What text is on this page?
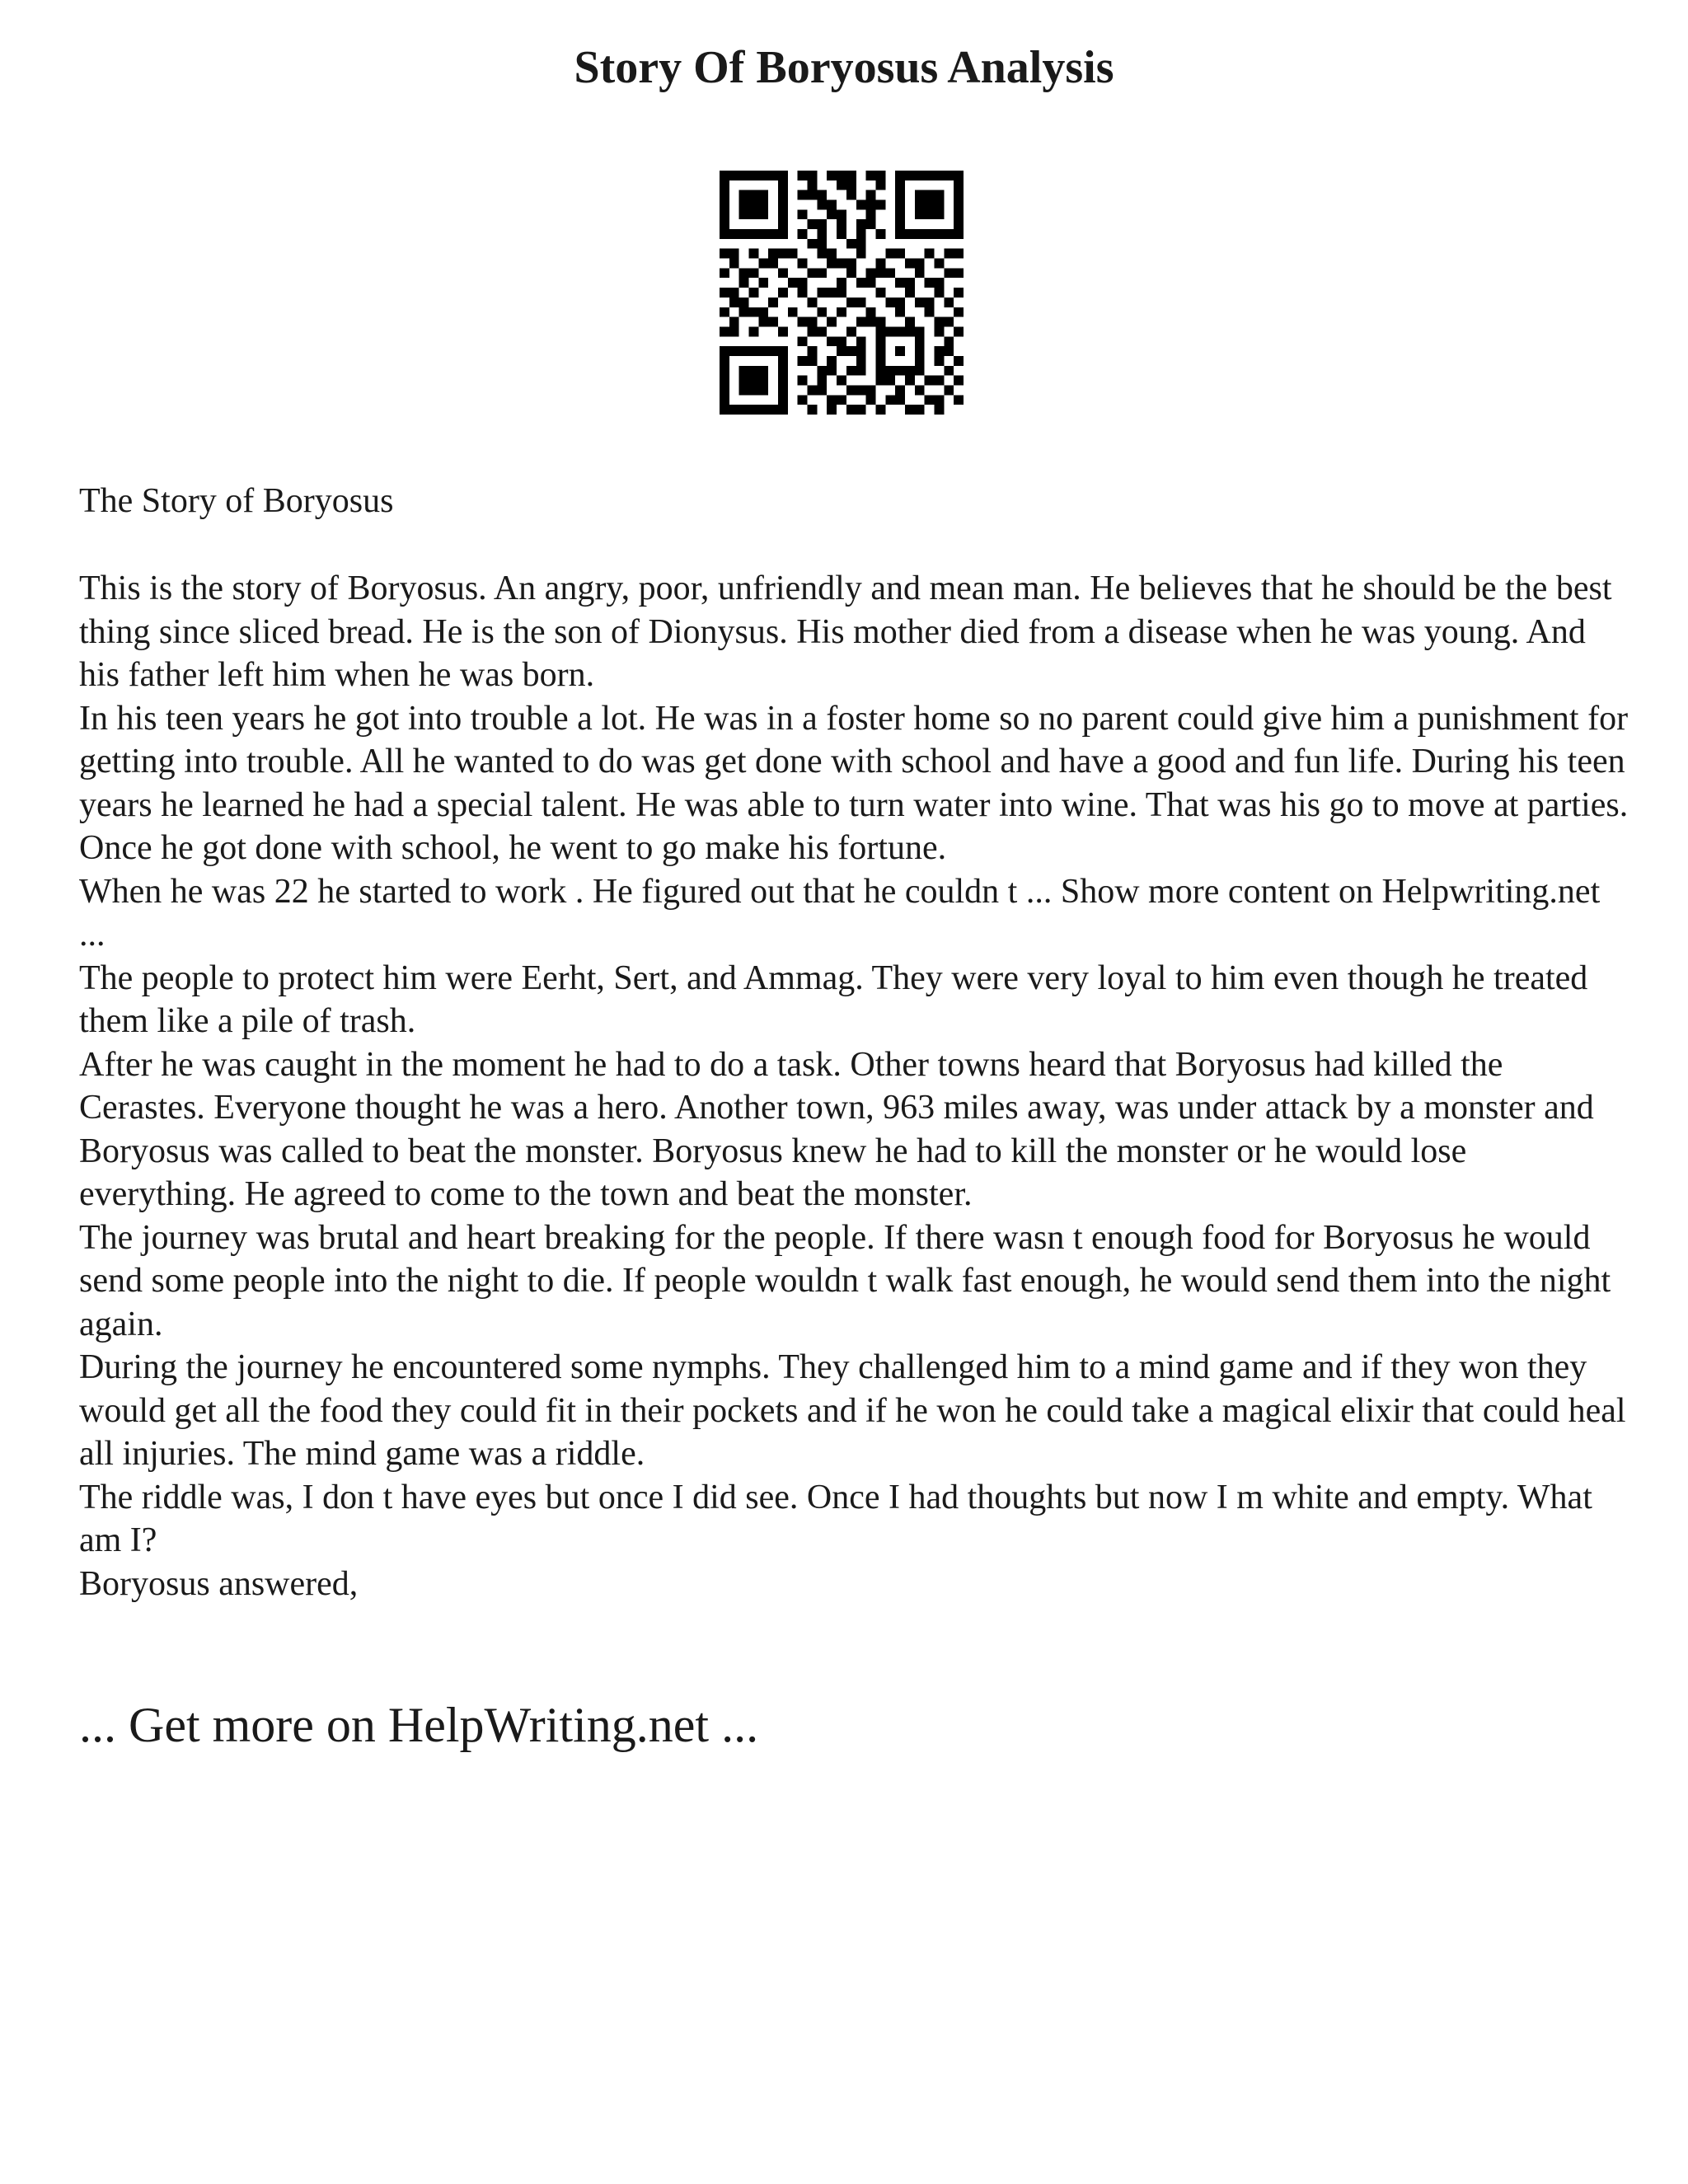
Story Of Boryosus Analysis

The Story of Boryosus

This is the story of Boryosus. An angry, poor, unfriendly and mean man. He believes that he should be the best thing since sliced bread. He is the son of Dionysus. His mother died from a disease when he was young. And his father left him when he was born.

In his teen years he got into trouble a lot. He was in a foster home so no parent could give him a punishment for getting into trouble. All he wanted to do was get done with school and have a good and fun life. During his teen years he learned he had a special talent. He was able to turn water into wine. That was his go to move at parties. Once he got done with school, he went to go make his fortune.

When he was 22 he started to work . He figured out that he couldn t ... Show more content on Helpwriting.net ...

The people to protect him were Eerht, Sert, and Ammag. They were very loyal to him even though he treated them like a pile of trash.

After he was caught in the moment he had to do a task. Other towns heard that Boryosus had killed the Cerastes. Everyone thought he was a hero. Another town, 963 miles away, was under attack by a monster and Boryosus was called to beat the monster. Boryosus knew he had to kill the monster or he would lose everything. He agreed to come to the town and beat the monster.

The journey was brutal and heart breaking for the people. If there wasn t enough food for Boryosus he would send some people into the night to die. If people wouldn t walk fast enough, he would send them into the night again.

During the journey he encountered some nymphs. They challenged him to a mind game and if they won they would get all the food they could fit in their pockets and if he won he could take a magical elixir that could heal all injuries. The mind game was a riddle.

The riddle was, I don t have eyes but once I did see. Once I had thoughts but now I m white and empty. What am I?

Boryosus answered,

... Get more on HelpWriting.net ...
